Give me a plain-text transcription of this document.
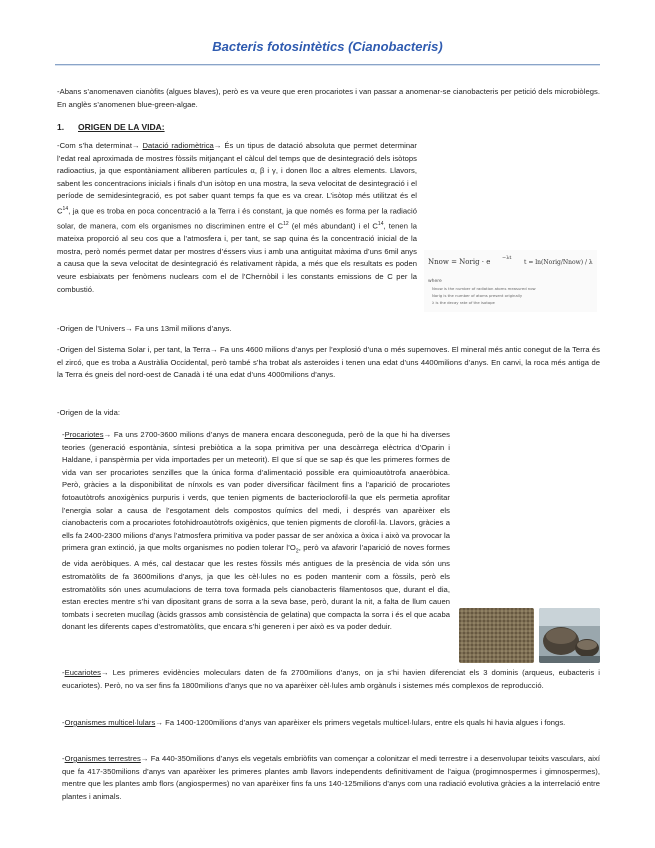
Bacteris fotosintètics (Cianobacteris)
-Abans s’anomenaven cianòfits (algues blaves), però es va veure que eren procariotes i van passar a anomenar-se cianobacteris per petició dels microbiòlegs. En anglès s’anomenen blue-green-algae.
1. ORIGEN DE LA VIDA:
-Com s’ha determinat→ Datació radiomètrica→ És un tipus de datació absoluta que permet determinar l’edat real aproximada de mostres fòssils mitjançant el càlcul del temps que de desintegració dels isòtops radioactius, ja que espontàniament alliberen partícules α, β i γ, i donen lloc a altres elements. Llavors, sabent les concentracions inicials i finals d’un isòtop en una mostra, la seva velocitat de desintegració i el període de semidesintegració, es pot saber quant temps fa que es va crear. L’isòtop més utilitzat és el $C^{14}$, ja que es troba en poca concentració a la Terra i és constant, ja que només es forma per la radiació solar, de manera, com els organismes no discriminen entre el $C^{12}$ (el més abundant) i el $C^{14}$, tenen la mateixa proporció al seu cos que a l’atmosfera i, per tant, se sap quina és la concentració inicial de la mostra, però només permet datar per mostres d’éssers vius i amb una antiguitat màxima d’uns 6mil anys a causa que la seva velocitat de desintegració és relativament ràpida, a més que els resultats es poden veure esbiaixats per fenòmens nuclears com el de l’Chernòbil i les constants emissions de C per la combustió.
Nnow = Norig · e −λt
t = ln(Norig/Nnow) / λ
where
Nnow is the number of radiation atoms measured now
Norig is the number of atoms present originally
λ is the decay rate of the isotope
-Origen de l’Univers→ Fa uns 13mil milions d’anys.
-Origen del Sistema Solar i, per tant, la Terra→ Fa uns 4600 milions d’anys per l’explosió d’una o més supernoves. El mineral més antic conegut de la Terra és el zircó, que es troba a Austràlia Occidental, però també s’ha trobat als asteroides i tenen una edat d’uns 4400milions d’anys. En canvi, la roca més antiga de la Terra és gneis del nord-oest de Canadà i té una edat d’uns 4000milions d’anys.
-Origen de la vida:
-Procariotes→ Fa uns 2700-3600 milions d’anys de manera encara desconeguda, però de la que hi ha diverses teories (generació espontània, síntesi prebiòtica a la sopa primitiva per una descàrrega elèctrica d’Oparin i Haldane, i panspèrmia per vida importades per un meteorit). El que sí que se sap és que les primeres formes de vida van ser procariotes senzilles que la única forma d’alimentació possible era quimioautòtrofa anaeròbica. Però, gràcies a la disponibilitat de nínxols es van poder diversificar fàcilment fins a l’aparició de procariotes fotoautòtrofs anoxigènics purpuris i verds, que tenien pigments de bacterioclorofil·la que els permetia aprofitar l’energia solar a causa de l’esgotament dels compostos químics del medi, i després van aparèixer els cianobacteris com a procariotes fotohidroautòtrofs oxigènics, que tenien pigments de clorofil·la. Llavors, gràcies a ells fa 2400-2300 milions d’anys l’atmosfera primitiva va poder passar de ser anòxica a òxica i això va provocar la primera gran extinció, ja que molts organismes no podien tolerar $l’O_2$, però va afavorir l’aparició de noves formes de vida aeròbiques. A més, cal destacar que les restes fòssils més antigues de la presència de vida són uns estromatòlits de fa 3600milions d’anys, ja que les cèl·lules no es poden mantenir com a fòssils, però els estromatòlits són unes acumulacions de terra tova formada pels cianobacteris filamentosos que, durant el dia, estan erectes mentre s’hi van dipositant grans de sorra a la seva base, però, durant la nit, a falta de llum cauen tombats i secreten mucílag (àcids grassos amb consistència de gelatina) que compacta la sorra i és el que acaba donant les diferents capes d’estromatòlits, que encara s’hi generen i per això es va poder deduir.
-Eucariotes→ Les primeres evidències moleculars daten de fa 2700milions d’anys, on ja s’hi havien diferenciat els 3 dominis (arqueus, eubacteris i eucariotes). Però, no va ser fins fa 1800milions d’anys que no va aparèixer cèl·lules amb orgànuls i sistemes més complexos de reproducció.
-Organismes multicel·lulars→ Fa 1400-1200milions d’anys van aparèixer els primers vegetals multicel·lulars, entre els quals hi havia algues i fongs.
-Organismes terrestres→ Fa 440-350milions d’anys els vegetals embriòfits van començar a colonitzar el medi terrestre i a desenvolupar teixits vasculars, així que fa 417-350milions d’anys van aparèixer les primeres plantes amb llavors independents definitivament de l’aigua (progimnospermes i gimnospermes), mentre que les plantes amb flors (angiospermes) no van aparèixer fins fa uns 140-125milions d’anys com una radiació evolutiva gràcies a la interrelació entre plantes i animals.
